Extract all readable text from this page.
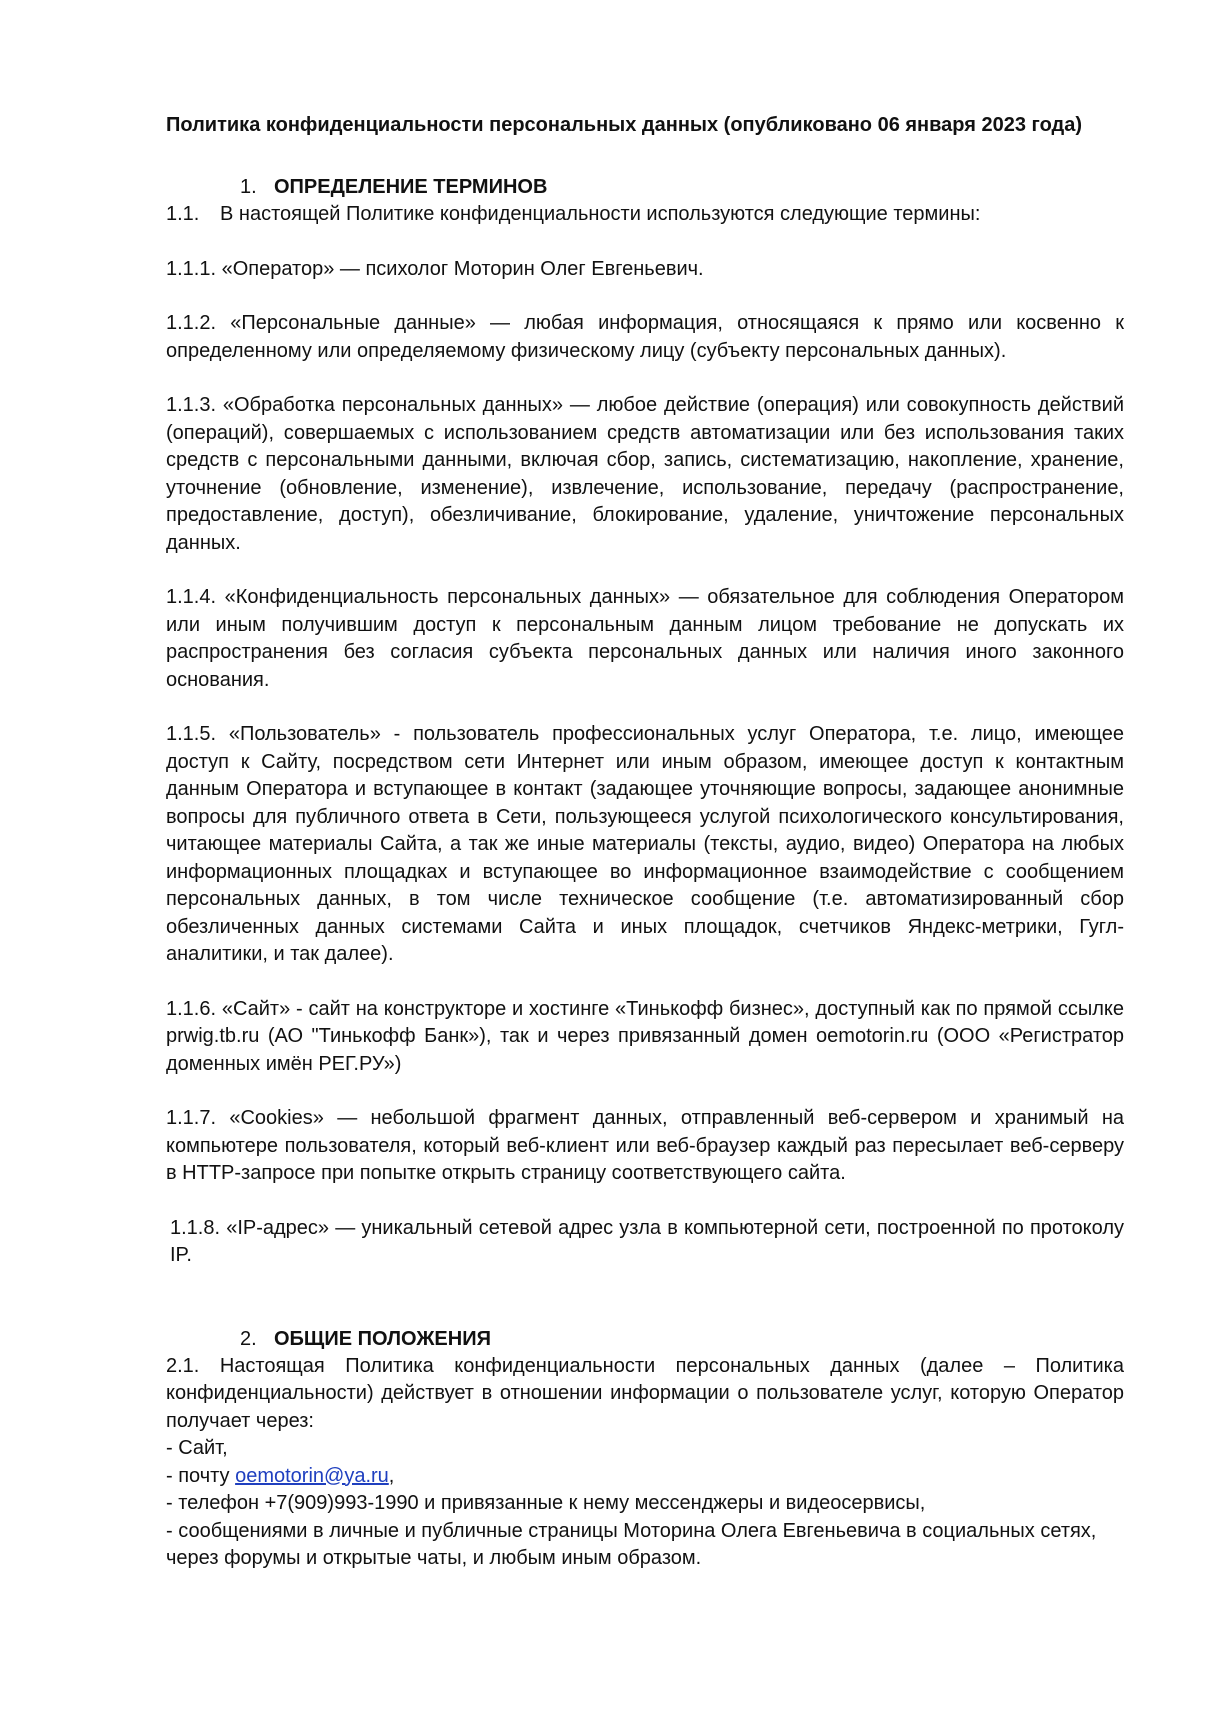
Политика конфиденциальности персональных данных (опубликовано 06 января 2023 года)
1. ОПРЕДЕЛЕНИЕ ТЕРМИНОВ

1.1. В настоящей Политике конфиденциальности используются следующие термины:

1.1.1. «Оператор» — психолог Моторин Олег Евгеньевич.

1.1.2. «Персональные данные» — любая информация, относящаяся к прямо или косвенно к определенному или определяемому физическому лицу (субъекту персональных данных).

1.1.3. «Обработка персональных данных» — любое действие (операция) или совокупность действий (операций), совершаемых с использованием средств автоматизации или без использования таких средств с персональными данными, включая сбор, запись, систематизацию, накопление, хранение, уточнение (обновление, изменение), извлечение, использование, передачу (распространение, предоставление, доступ), обезличивание, блокирование, удаление, уничтожение персональных данных.

1.1.4. «Конфиденциальность персональных данных» — обязательное для соблюдения Оператором или иным получившим доступ к персональным данным лицом требование не допускать их распространения без согласия субъекта персональных данных или наличия иного законного основания.

1.1.5. «Пользователь» - пользователь профессиональных услуг Оператора, т.е. лицо, имеющее доступ к Сайту, посредством сети Интернет или иным образом, имеющее доступ к контактным данным Оператора и вступающее в контакт (задающее уточняющие вопросы, задающее анонимные вопросы для публичного ответа в Сети, пользующееся услугой психологического консультирования, читающее материалы Сайта, а так же иные материалы (тексты, аудио, видео) Оператора на любых информационных площадках и вступающее во информационное взаимодействие с сообщением персональных данных, в том числе техническое сообщение (т.е. автоматизированный сбор обезличенных данных системами Сайта и иных площадок, счетчиков Яндекс-метрики, Гугл-аналитики, и так далее).

1.1.6. «Сайт» - сайт на конструкторе и хостинге «Тинькофф бизнес», доступный как по прямой ссылке prwig.tb.ru (АО "Тинькофф Банк»), так и через привязанный домен oemotorin.ru (ООО «Регистратор доменных имён РЕГ.РУ»)

1.1.7. «Cookies» — небольшой фрагмент данных, отправленный веб-сервером и хранимый на компьютере пользователя, который веб-клиент или веб-браузер каждый раз пересылает веб-серверу в HTTP-запросе при попытке открыть страницу соответствующего сайта.

1.1.8. «IP-адрес» — уникальный сетевой адрес узла в компьютерной сети, построенной по протоколу IP.

2. ОБЩИЕ ПОЛОЖЕНИЯ

2.1. Настоящая Политика конфиденциальности персональных данных (далее – Политика конфиденциальности) действует в отношении информации о пользователе услуг, которую Оператор получает через:

- Сайт,

- почту oemotorin@ya.ru,

- телефон +7(909)993-1990 и привязанные к нему мессенджеры и видеосервисы,

- сообщениями в личные и публичные страницы Моторина Олега Евгеньевича в социальных сетях, через форумы и открытые чаты, и любым иным образом.
